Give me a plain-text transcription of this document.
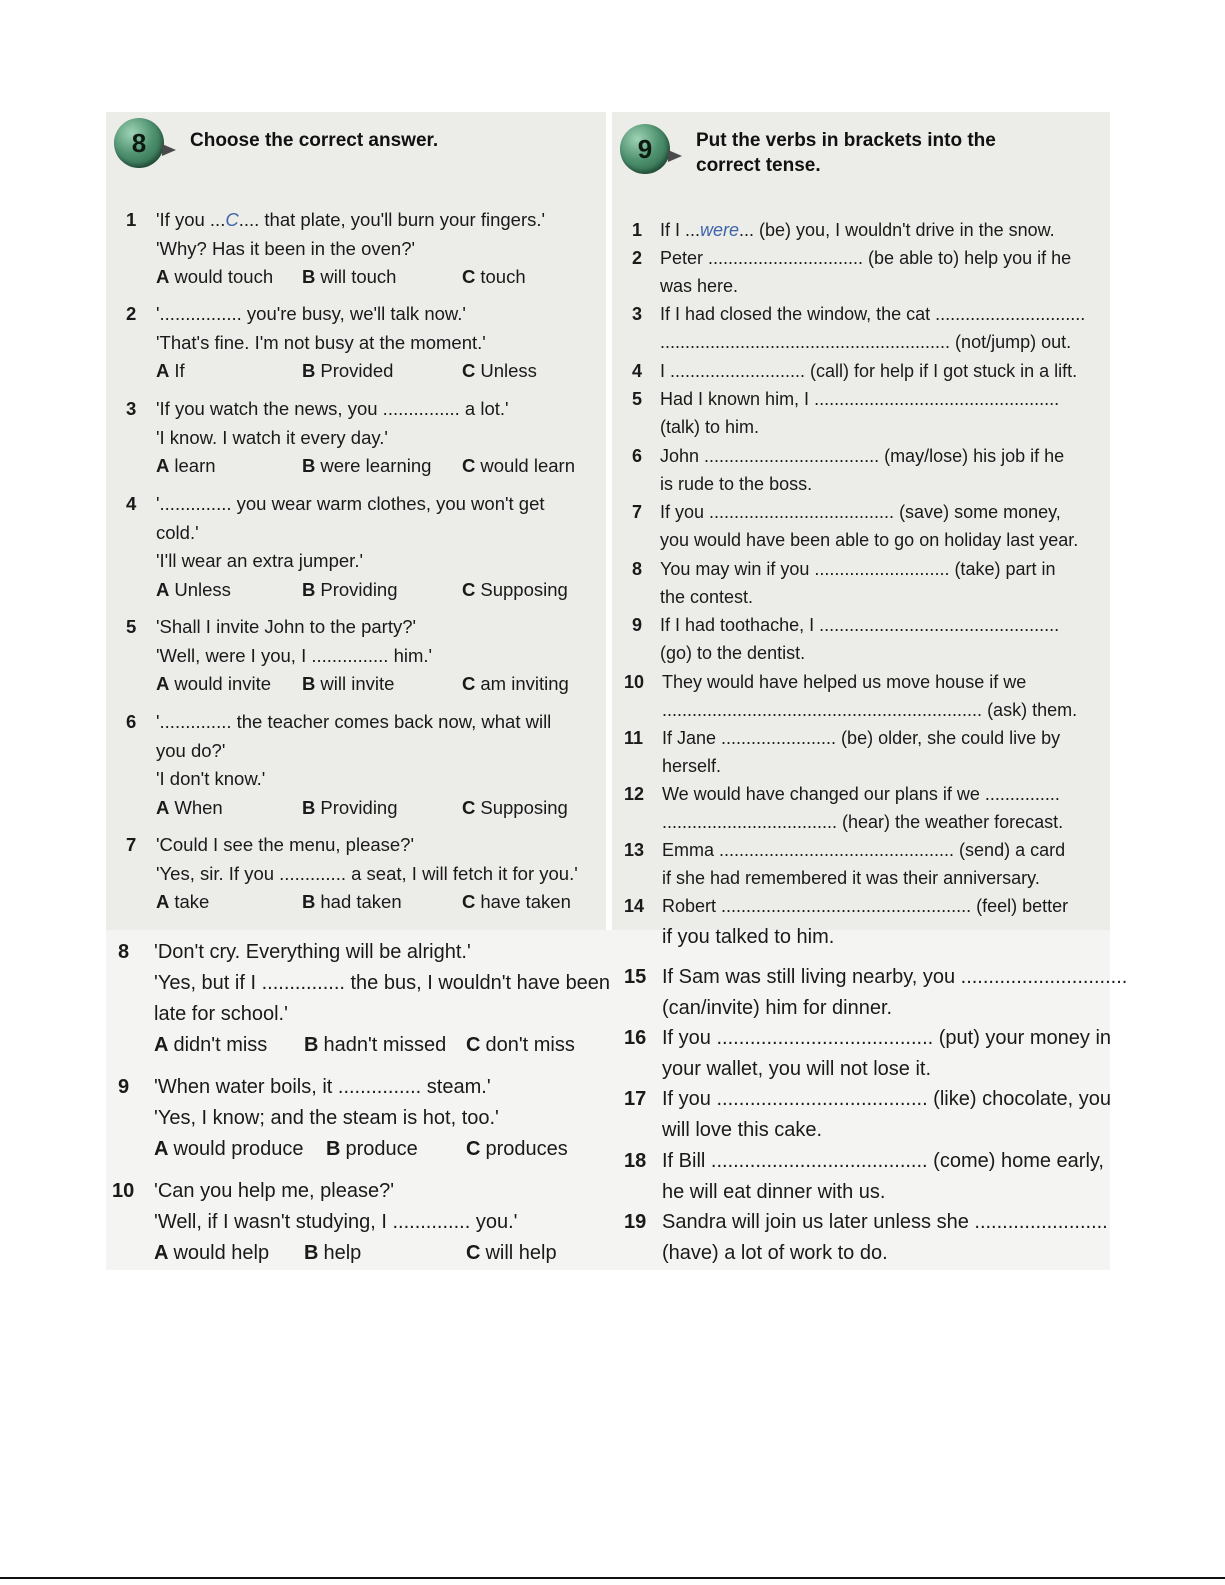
8 Choose the correct answer.	9 Put the verbs in brackets into the
correct tense.
1 'If you ...C.... that plate, you'll burn your fingers.'
'Why? Has it been in the oven?'
A would touch B will touch	C touch
2 '................ you're busy, we'll talk now.'
'That's fine. I'm not busy at the moment.'
A If	B Provided	C Unless
3 'If you watch the news, you ............... a lot.'
'I know. I watch it every day.'
A learn	B were learning C would learn
4 '.............. you wear warm clothes, you won't get
cold.'
'I'll wear an extra jumper.'
A Unless	B Providing	C Supposing
5 'Shall I invite John to the party?'
'Well, were I you, I ............... him.'
A would invite B will invite	C am inviting
6 '.............. the teacher comes back now, what will
you do?'
'I don't know.'
A When	B Providing	C Supposing
7 'Could I see the menu, please?'
'Yes, sir. If you ............. a seat, I will fetch it for you.'
A take	B had taken	C have taken
8 'Don't cry. Everything will be alright.'
'Yes, but if I ............... the bus, I wouldn't have been
late for school.'
A didn't miss B hadn't missed C don't miss
9 'When water boils, it ............... steam.'
'Yes, I know; and the steam is hot, too.'
A would produce B produce C produces
10 'Can you help me, please?'
'Well, if I wasn't studying, I .............. you.'
A would help B help	C will help
1 If I ...were... (be) you, I wouldn't drive in the snow.
2 Peter ............................... (be able to) help you if he
was here.
3 If I had closed the window, the cat ..............................
.......................................................... (not/jump) out.
4 I ........................... (call) for help if I got stuck in a lift.
5 Had I known him, I .................................................
(talk) to him.
6 John ................................... (may/lose) his job if he
is rude to the boss.
7 If you ..................................... (save) some money,
you would have been able to go on holiday last year.
8 You may win if you ........................... (take) part in
the contest.
9 If I had toothache, I ................................................
(go) to the dentist.
10 They would have helped us move house if we
................................................................ (ask) them.
11 If Jane ....................... (be) older, she could live by
herself.
12 We would have changed our plans if we ...............
................................... (hear) the weather forecast.
13 Emma ............................................... (send) a card
if she had remembered it was their anniversary.
14 Robert .................................................. (feel) better
if you talked to him.
15 If Sam was still living nearby, you ..............................
(can/invite) him for dinner.
16 If you ....................................... (put) your money in
your wallet, you will not lose it.
17 If you ...................................... (like) chocolate, you
will love this cake.
18 If Bill ....................................... (come) home early,
he will eat dinner with us.
19 Sandra will join us later unless she ........................
(have) a lot of work to do.
